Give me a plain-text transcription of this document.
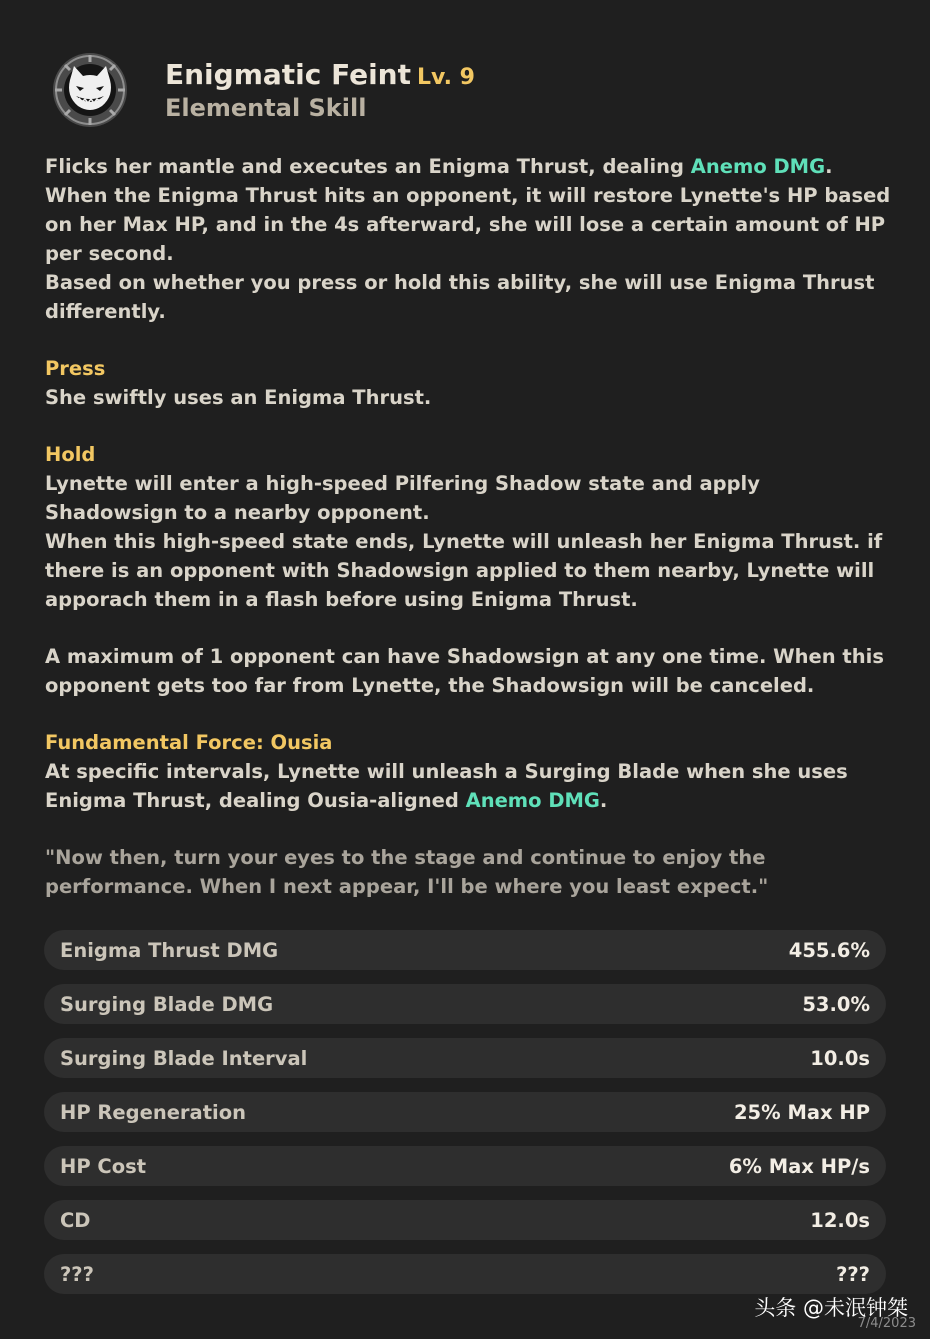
Enigmatic Feint Lv. 9
Elemental Skill

Flicks her mantle and executes an Enigma Thrust, dealing Anemo DMG.

When the Enigma Thrust hits an opponent, it will restore Lynette's HP based on her Max HP, and in the 4s afterward, she will lose a certain amount of HP per second.

Based on whether you press or hold this ability, she will use Enigma Thrust differently.

Press

She swiftly uses an Enigma Thrust.

Hold

Lynette will enter a high-speed Pilfering Shadow state and apply Shadowsign to a nearby opponent.

When this high-speed state ends, Lynette will unleash her Enigma Thrust. if there is an opponent with Shadowsign applied to them nearby, Lynette will apporach them in a flash before using Enigma Thrust.

A maximum of 1 opponent can have Shadowsign at any one time. When this opponent gets too far from Lynette, the Shadowsign will be canceled.

Fundamental Force: Ousia

At specific intervals, Lynette will unleash a Surging Blade when she uses Enigma Thrust, dealing Ousia-aligned Anemo DMG.

"Now then, turn your eyes to the stage and continue to enjoy the performance. When I next appear, I'll be where you least expect."

Enigma Thrust DMG	455.6%
Surging Blade DMG	53.0%
Surging Blade Interval	10.0s
HP Regeneration	25% Max HP
HP Cost	6% Max HP/s
CD	12.0s
???	???
头条 @未泯钟桀
7/4/2023
